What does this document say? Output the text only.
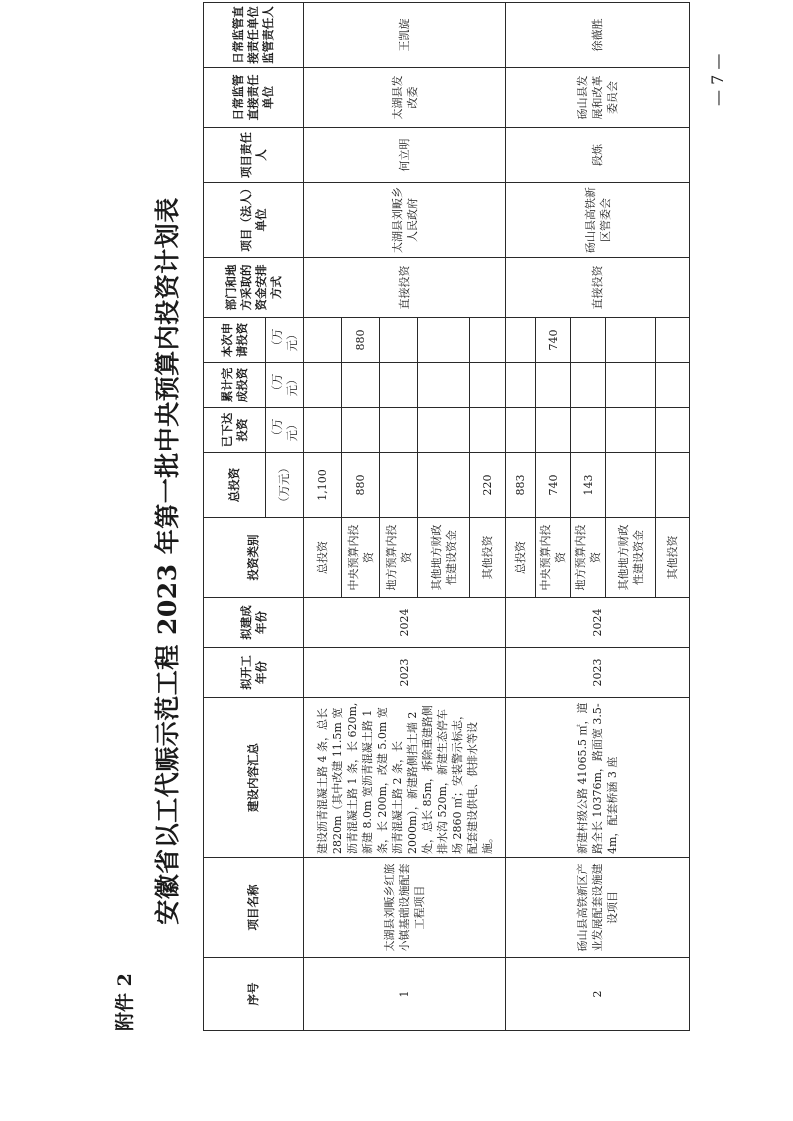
附件 2
安徽省以工代赈示范工程 2023 年第一批中央预算内投资计划表
— 7 —
序号	项目名称	建设内容汇总	拟开工年份	拟建成年份	投资类别	总投资	已下达投资	累计完成投资	本次申请投资	部门和地方采取的资金安排方式	项目（法人）单位	项目责任人	日常监管直接责任单位	日常监管直接责任单位监管责任人
						（万元）	（万元）	（万元）	（万元）					
1	太湖县刘畈乡红旅小镇基础设施配套工程项目	建设沥青混凝土路 4 条，总长 2820m（其中改建 11.5m 宽沥青混凝土路 1 条，长 620m,新建 8.0m 宽沥青混凝土路 1 条，长 200m，改建 5.0m 宽沥青混凝土路 2 条，长 2000m），新建路侧挡土墙 2 处，总长 85m，拆除重建路侧排水沟 520m，新建生态停车场 2860 ㎡；安装警示标志，配套建设供电、供排水等设施。	2023	2024	总投资	1,100				直接投资	太湖县刘畈乡人民政府	何立明	太湖县发改委	王凯旋
					中央预算内投资	880			880					
					地方预算内投资									
					其他地方财政性建设资金									
					其他投资	220								
2	砀山县高铁新区产业发展配套设施建设项目	新建村级公路 41065.5 ㎡，道路全长 10376m，路面宽 3.5-4m，配套桥涵 3 座	2023	2024	总投资	883				直接投资	砀山县高铁新区管委会	段炼	砀山县发展和改革委员会	徐薇胜
					中央预算内投资	740			740					
					地方预算内投资	143								
					其他地方财政性建设资金									
					其他投资									
